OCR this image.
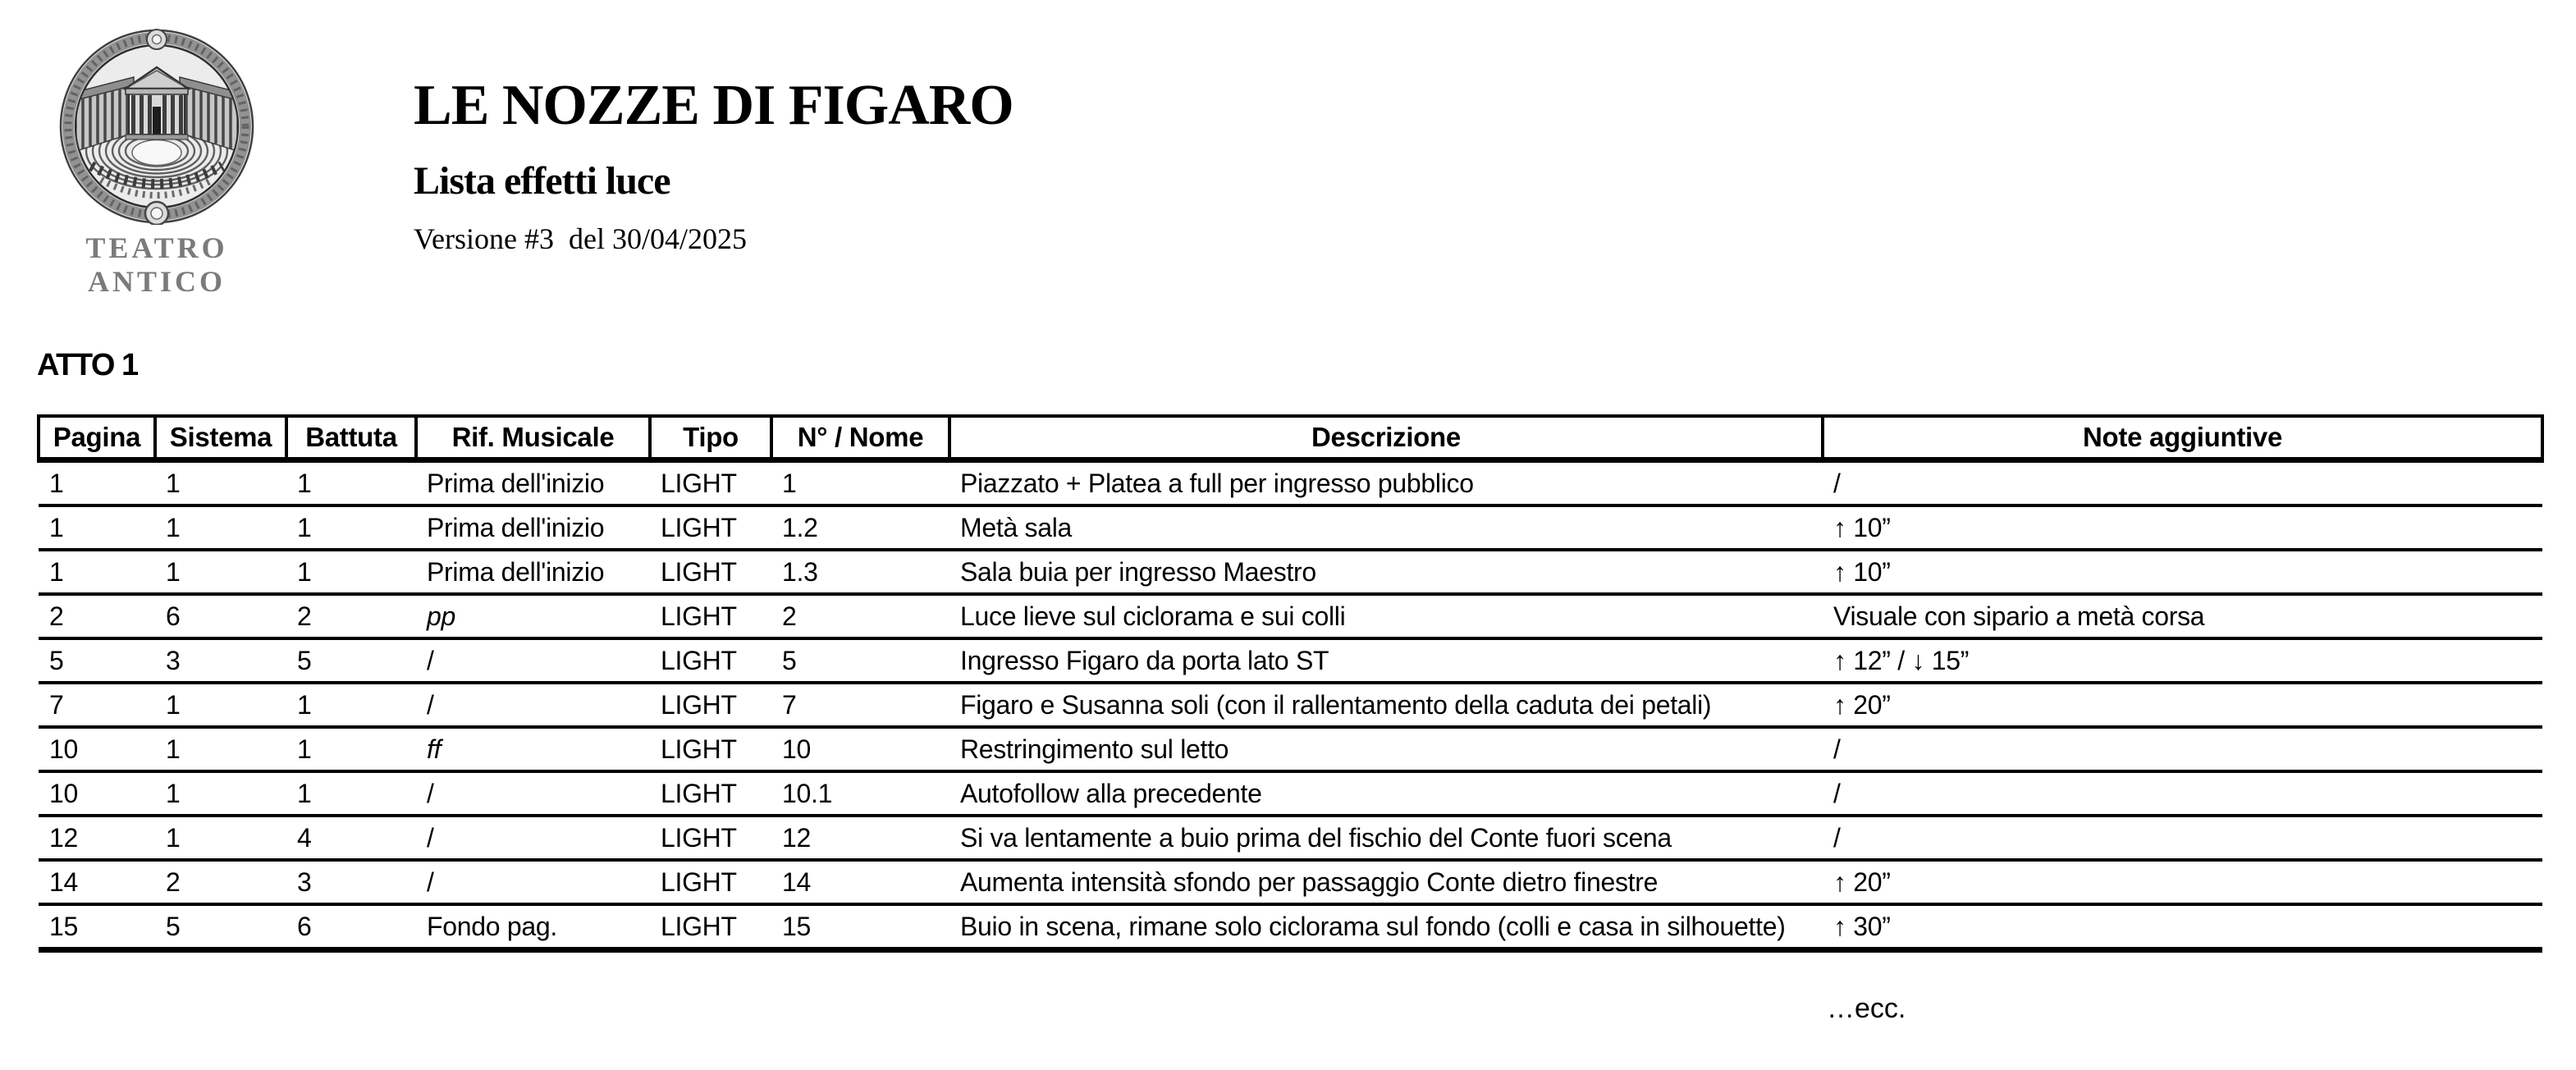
TEATRO
ANTICO
LE NOZZE DI FIGARO
Lista effetti luce
Versione #3 del 30/04/2025
ATTO 1
Pagina	Sistema	Battuta	Rif. Musicale	Tipo	N° / Nome	Descrizione	Note aggiuntive
1	1	1	Prima dell'inizio	LIGHT	1	Piazzato + Platea a full per ingresso pubblico	/
1	1	1	Prima dell'inizio	LIGHT	1.2	Metà sala	↑ 10”
1	1	1	Prima dell'inizio	LIGHT	1.3	Sala buia per ingresso Maestro	↑ 10”
2	6	2	pp	LIGHT	2	Luce lieve sul ciclorama e sui colli	Visuale con sipario a metà corsa
5	3	5	/	LIGHT	5	Ingresso Figaro da porta lato ST	↑ 12” / ↓ 15”
7	1	1	/	LIGHT	7	Figaro e Susanna soli (con il rallentamento della caduta dei petali)	↑ 20”
10	1	1	ff	LIGHT	10	Restringimento sul letto	/
10	1	1	/	LIGHT	10.1	Autofollow alla precedente	/
12	1	4	/	LIGHT	12	Si va lentamente a buio prima del fischio del Conte fuori scena	/
14	2	3	/	LIGHT	14	Aumenta intensità sfondo per passaggio Conte dietro finestre	↑ 20”
15	5	6	Fondo pag.	LIGHT	15	Buio in scena, rimane solo ciclorama sul fondo (colli e casa in silhouette)	↑ 30”
…ecc.
